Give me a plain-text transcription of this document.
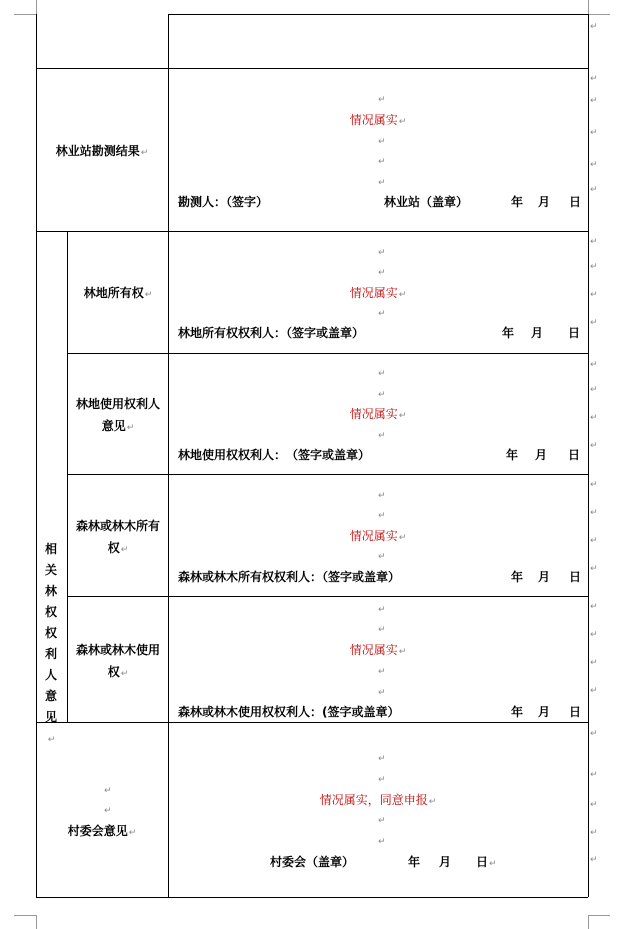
↵
↵
↵
↵
↵
↵
↵
↵
↵
↵
↵
↵
↵
↵
↵
↵
↵
↵
↵
↵
↵
↵
↵
↵
↵
↵
↵
林业站勘测结果↵
↵
情况属实↵
↵
↵
↵
勘测人：（签字）	林业站（盖章）	年 月 日
相关林权权利人意见↵
林地所有权↵
↵
↵	情况属实↵
↵
林地所有权权利人：（签字或盖章）	年 月 日
林地使用权利人意见↵
↵
↵
情况属实↵
↵
林地使用权权利人：　（签字或盖章）	年 月 日
森林或林木所有权↵
↵
↵
情况属实↵
↵
森林或林木所有权权利人：（签字或盖章）	年 月 日
森林或林木使用权↵
↵
↵
情况属实↵
↵
↵
森林或林木使用权权利人：(签字或盖章）	年 月 日
↵
↵
村委会意见↵
↵
↵
情况属实，同意申报↵
↵
↵
村委会（盖章）	年 月 日↵
